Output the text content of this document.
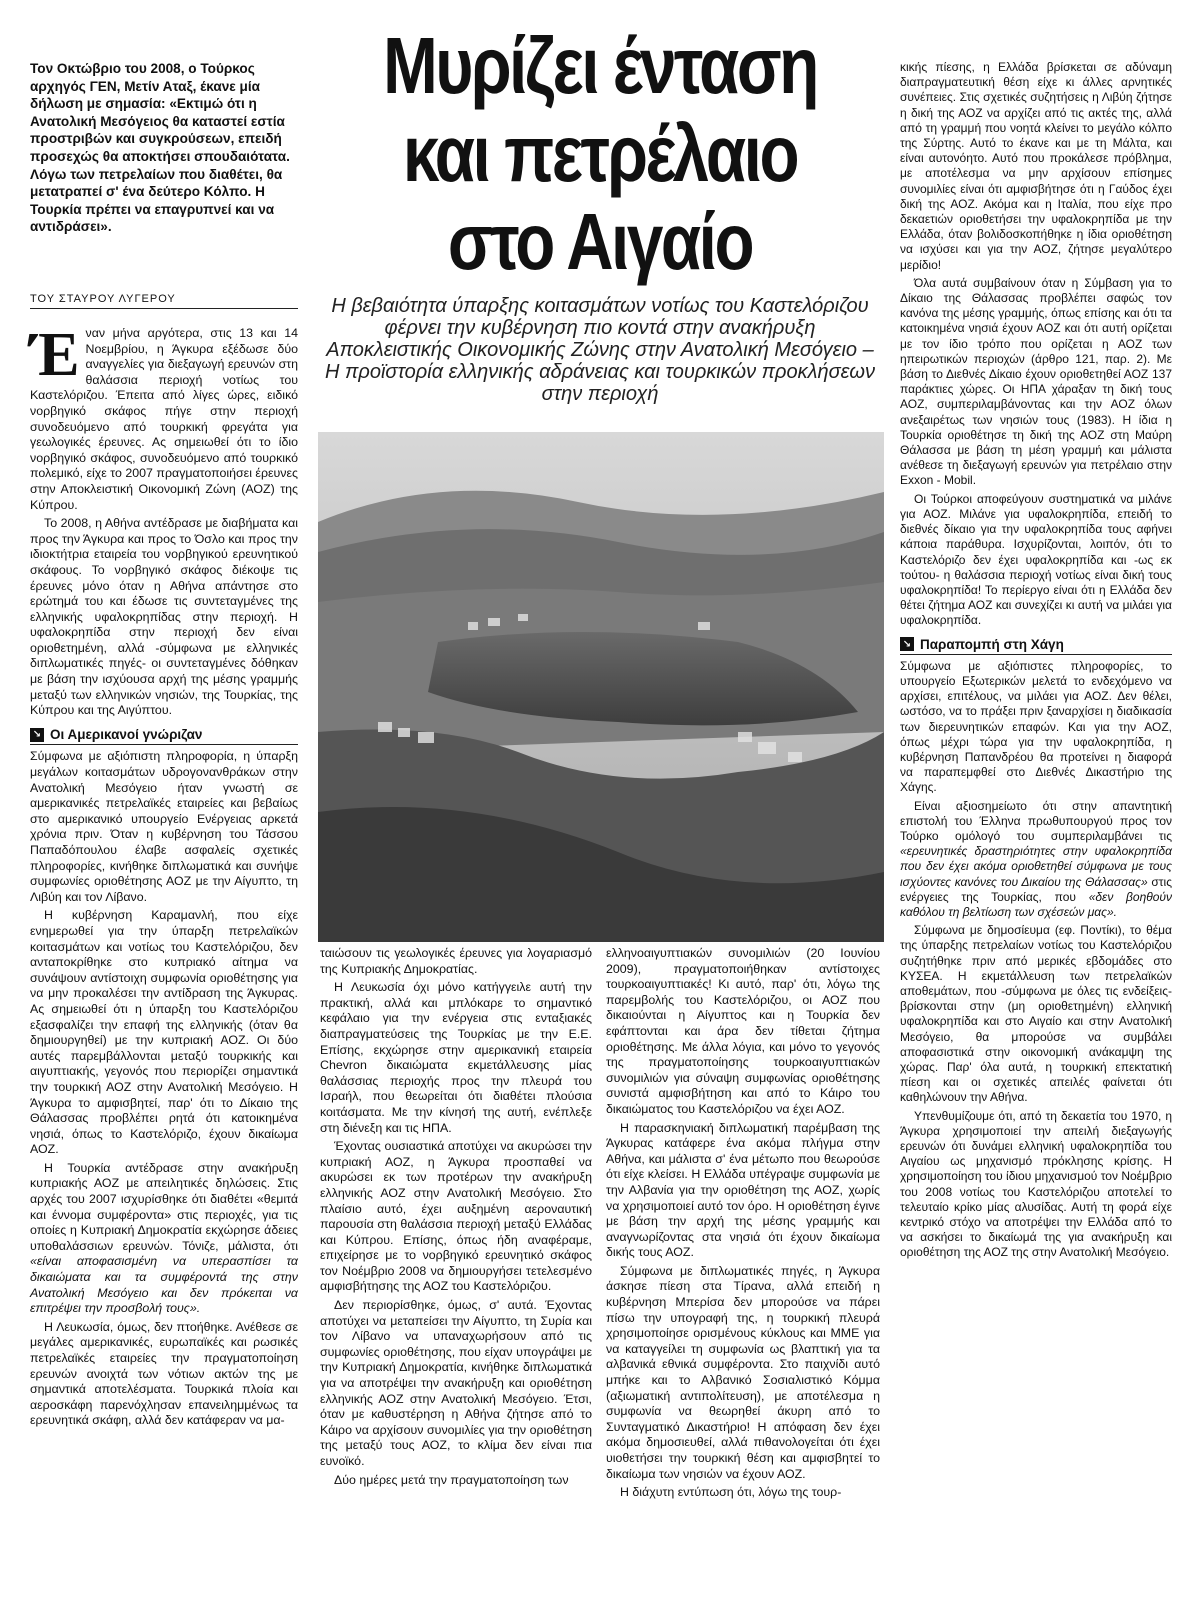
Τον Οκτώβριο του 2008, ο Τούρκος αρχηγός ΓΕΝ, Μετίν Αταξ, έκανε μία δήλωση με σημασία: «Εκτιμώ ότι η Ανατολική Μεσόγειος θα καταστεί εστία προστριβών και συγκρούσεων, επειδή προσεχώς θα αποκτήσει σπουδαιότατα. Λόγω των πετρελαίων που διαθέτει, θα μετατραπεί σ' ένα δεύτερο Κόλπο. Η Τουρκία πρέπει να επαγρυπνεί και να αντιδράσει».
ΤΟΥ ΣΤΑΥΡΟΥ ΛΥΓΕΡΟΥ
Μυρίζει ένταση
και πετρέλαιο
στο Αιγαίο
Η βεβαιότητα ύπαρξης κοιτασμάτων νοτίως του Καστελόριζου φέρνει την κυβέρνηση πιο κοντά στην ανακήρυξη Αποκλειστικής Οικονομικής Ζώνης στην Ανατολική Μεσόγειο – Η προϊστορία ελληνικής αδράνειας και τουρκικών προκλήσεων στην περιοχή

Έναν μήνα αργότερα, στις 13 και 14 Νοεμβρίου, η Άγκυρα εξέδωσε δύο αναγγελίες για διεξαγωγή ερευνών στη θαλάσσια περιοχή νοτίως του Καστελόριζου. Έπειτα από λίγες ώρες, ειδικό νορβηγικό σκάφος πήγε στην περιοχή συνοδευόμενο από τουρκική φρεγάτα για γεωλογικές έρευνες. Ας σημειωθεί ότι το ίδιο νορβηγικό σκάφος, συνοδευόμενο από τουρκικό πολεμικό, είχε το 2007 πραγματοποιήσει έρευνες στην Αποκλειστική Οικονομική Ζώνη (ΑΟΖ) της Κύπρου.

Το 2008, η Αθήνα αντέδρασε με διαβήματα και προς την Άγκυρα και προς το Όσλο και προς την ιδιοκτήτρια εταιρεία του νορβηγικού ερευνητικού σκάφους. Το νορβηγικό σκάφος διέκοψε τις έρευνες μόνο όταν η Αθήνα απάντησε στο ερώτημά του και έδωσε τις συντεταγμένες της ελληνικής υφαλοκρηπίδας στην περιοχή. Η υφαλοκρηπίδα στην περιοχή δεν είναι οριοθετημένη, αλλά -σύμφωνα με ελληνικές διπλωματικές πηγές- οι συντεταγμένες δόθηκαν με βάση την ισχύουσα αρχή της μέσης γραμμής μεταξύ των ελληνικών νησιών, της Τουρκίας, της Κύπρου και της Αιγύπτου.

↘ Οι Αμερικανοί γνώριζαν

Σύμφωνα με αξιόπιστη πληροφορία, η ύπαρξη μεγάλων κοιτασμάτων υδρογονανθράκων στην Ανατολική Μεσόγειο ήταν γνωστή σε αμερικανικές πετρελαϊκές εταιρείες και βεβαίως στο αμερικανικό υπουργείο Ενέργειας αρκετά χρόνια πριν. Όταν η κυβέρνηση του Τάσσου Παπαδόπουλου έλαβε ασφαλείς σχετικές πληροφορίες, κινήθηκε διπλωματικά και συνήψε συμφωνίες οριοθέτησης ΑΟΖ με την Αίγυπτο, τη Λιβύη και τον Λίβανο.

Η κυβέρνηση Καραμανλή, που είχε ενημερωθεί για την ύπαρξη πετρελαϊκών κοιτασμάτων και νοτίως του Καστελόριζου, δεν ανταποκρίθηκε στο κυπριακό αίτημα να συνάψουν αντίστοιχη συμφωνία οριοθέτησης για να μην προκαλέσει την αντίδραση της Άγκυρας. Ας σημειωθεί ότι η ύπαρξη του Καστελόριζου εξασφαλίζει την επαφή της ελληνικής (όταν θα δημιουργηθεί) με την κυπριακή ΑΟΖ. Οι δύο αυτές παρεμβάλλονται μεταξύ τουρκικής και αιγυπτιακής, γεγονός που περιορίζει σημαντικά την τουρκική ΑΟΖ στην Ανατολική Μεσόγειο. Η Άγκυρα το αμφισβητεί, παρ' ότι το Δίκαιο της Θάλασσας προβλέπει ρητά ότι κατοικημένα νησιά, όπως το Καστελόριζο, έχουν δικαίωμα ΑΟΖ.

Η Τουρκία αντέδρασε στην ανακήρυξη κυπριακής ΑΟΖ με απειλητικές δηλώσεις. Στις αρχές του 2007 ισχυρίσθηκε ότι διαθέτει «θεμιτά και έννομα συμφέροντα» στις περιοχές, για τις οποίες η Κυπριακή Δημοκρατία εκχώρησε άδειες υποθαλάσσιων ερευνών. Τόνιζε, μάλιστα, ότι «είναι αποφασισμένη να υπερασπίσει τα δικαιώματα και τα συμφέροντά της στην Ανατολική Μεσόγειο και δεν πρόκειται να επιτρέψει την προσβολή τους».

Η Λευκωσία, όμως, δεν πτοήθηκε. Ανέθεσε σε μεγάλες αμερικανικές, ευρωπαϊκές και ρωσικές πετρελαϊκές εταιρείες την πραγματοποίηση ερευνών ανοιχτά των νότιων ακτών της με σημαντικά αποτελέσματα. Τουρκικά πλοία και αεροσκάφη παρενόχλησαν επανειλημμένως τα ερευνητικά σκάφη, αλλά δεν κατάφεραν να μα-

ταιώσουν τις γεωλογικές έρευνες για λογαριασμό της Κυπριακής Δημοκρατίας.

Η Λευκωσία όχι μόνο κατήγγειλε αυτή την πρακτική, αλλά και μπλόκαρε το σημαντικό κεφάλαιο για την ενέργεια στις ενταξιακές διαπραγματεύσεις της Τουρκίας με την Ε.Ε. Επίσης, εκχώρησε στην αμερικανική εταιρεία Chevron δικαιώματα εκμετάλλευσης μίας θαλάσσιας περιοχής προς την πλευρά του Ισραήλ, που θεωρείται ότι διαθέτει πλούσια κοιτάσματα. Με την κίνησή της αυτή, ενέπλεξε στη διένεξη και τις ΗΠΑ.

Έχοντας ουσιαστικά αποτύχει να ακυρώσει την κυπριακή ΑΟΖ, η Άγκυρα προσπαθεί να ακυρώσει εκ των προτέρων την ανακήρυξη ελληνικής ΑΟΖ στην Ανατολική Μεσόγειο. Στο πλαίσιο αυτό, έχει αυξημένη αεροναυτική παρουσία στη θαλάσσια περιοχή μεταξύ Ελλάδας και Κύπρου. Επίσης, όπως ήδη αναφέραμε, επιχείρησε με το νορβηγικό ερευνητικό σκάφος τον Νοέμβριο 2008 να δημιουργήσει τετελεσμένο αμφισβήτησης της ΑΟΖ του Καστελόριζου.

Δεν περιορίσθηκε, όμως, σ' αυτά. Έχοντας αποτύχει να μεταπείσει την Αίγυπτο, τη Συρία και τον Λίβανο να υπαναχωρήσουν από τις συμφωνίες οριοθέτησης, που είχαν υπογράψει με την Κυπριακή Δημοκρατία, κινήθηκε διπλωματικά για να αποτρέψει την ανακήρυξη και οριοθέτηση ελληνικής ΑΟΖ στην Ανατολική Μεσόγειο. Έτσι, όταν με καθυστέρηση η Αθήνα ζήτησε από το Κάιρο να αρχίσουν συνομιλίες για την οριοθέτηση της μεταξύ τους ΑΟΖ, το κλίμα δεν είναι πια ευνοϊκό.

Δύο ημέρες μετά την πραγματοποίηση των

ελληνοαιγυπτιακών συνομιλιών (20 Ιουνίου 2009), πραγματοποιήθηκαν αντίστοιχες τουρκοαιγυπτιακές! Κι αυτό, παρ' ότι, λόγω της παρεμβολής του Καστελόριζου, οι ΑΟΖ που δικαιούνται η Αίγυπτος και η Τουρκία δεν εφάπτονται και άρα δεν τίθεται ζήτημα οριοθέτησης. Με άλλα λόγια, και μόνο το γεγονός της πραγματοποίησης τουρκοαιγυπτιακών συνομιλιών για σύναψη συμφωνίας οριοθέτησης συνιστά αμφισβήτηση και από το Κάιρο του δικαιώματος του Καστελόριζου να έχει ΑΟΖ.

Η παρασκηνιακή διπλωματική παρέμβαση της Άγκυρας κατάφερε ένα ακόμα πλήγμα στην Αθήνα, και μάλιστα σ' ένα μέτωπο που θεωρούσε ότι είχε κλείσει. Η Ελλάδα υπέγραψε συμφωνία με την Αλβανία για την οριοθέτηση της ΑΟΖ, χωρίς να χρησιμοποιεί αυτό τον όρο. Η οριοθέτηση έγινε με βάση την αρχή της μέσης γραμμής και αναγνωρίζοντας στα νησιά ότι έχουν δικαίωμα δικής τους ΑΟΖ.

Σύμφωνα με διπλωματικές πηγές, η Άγκυρα άσκησε πίεση στα Τίρανα, αλλά επειδή η κυβέρνηση Μπερίσα δεν μπορούσε να πάρει πίσω την υπογραφή της, η τουρκική πλευρά χρησιμοποίησε ορισμένους κύκλους και ΜΜΕ για να καταγγείλει τη συμφωνία ως βλαπτική για τα αλβανικά εθνικά συμφέροντα. Στο παιχνίδι αυτό μπήκε και το Αλβανικό Σοσιαλιστικό Κόμμα (αξιωματική αντιπολίτευση), με αποτέλεσμα η συμφωνία να θεωρηθεί άκυρη από το Συνταγματικό Δικαστήριο! Η απόφαση δεν έχει ακόμα δημοσιευθεί, αλλά πιθανολογείται ότι έχει υιοθετήσει την τουρκική θέση και αμφισβητεί το δικαίωμα των νησιών να έχουν ΑΟΖ.

Η διάχυτη εντύπωση ότι, λόγω της τουρ-

κικής πίεσης, η Ελλάδα βρίσκεται σε αδύναμη διαπραγματευτική θέση είχε κι άλλες αρνητικές συνέπειες. Στις σχετικές συζητήσεις η Λιβύη ζήτησε η δική της ΑΟΖ να αρχίζει από τις ακτές της, αλλά από τη γραμμή που νοητά κλείνει το μεγάλο κόλπο της Σύρτης. Αυτό το έκανε και με τη Μάλτα, και είναι αυτονόητο. Αυτό που προκάλεσε πρόβλημα, με αποτέλεσμα να μην αρχίσουν επίσημες συνομιλίες είναι ότι αμφισβήτησε ότι η Γαύδος έχει δική της ΑΟΖ. Ακόμα και η Ιταλία, που είχε προ δεκαετιών οριοθετήσει την υφαλοκρηπίδα με την Ελλάδα, όταν βολιδοσκοπήθηκε η ίδια οριοθέτηση να ισχύσει και για την ΑΟΖ, ζήτησε μεγαλύτερο μερίδιο!

Όλα αυτά συμβαίνουν όταν η Σύμβαση για το Δίκαιο της Θάλασσας προβλέπει σαφώς τον κανόνα της μέσης γραμμής, όπως επίσης και ότι τα κατοικημένα νησιά έχουν ΑΟΖ και ότι αυτή ορίζεται με τον ίδιο τρόπο που ορίζεται η ΑΟΖ των ηπειρωτικών περιοχών (άρθρο 121, παρ. 2). Με βάση το Διεθνές Δίκαιο έχουν οριοθετηθεί ΑΟΖ 137 παράκτιες χώρες. Οι ΗΠΑ χάραξαν τη δική τους ΑΟΖ, συμπεριλαμβάνοντας και την ΑΟΖ όλων ανεξαιρέτως των νησιών τους (1983). Η ίδια η Τουρκία οριοθέτησε τη δική της ΑΟΖ στη Μαύρη Θάλασσα με βάση τη μέση γραμμή και μάλιστα ανέθεσε τη διεξαγωγή ερευνών για πετρέλαιο στην Exxon - Mobil.

Οι Τούρκοι αποφεύγουν συστηματικά να μιλάνε για ΑΟΖ. Μιλάνε για υφαλοκρηπίδα, επειδή το διεθνές δίκαιο για την υφαλοκρηπίδα τους αφήνει κάποια παράθυρα. Ισχυρίζονται, λοιπόν, ότι το Καστελόριζο δεν έχει υφαλοκρηπίδα και -ως εκ τούτου- η θαλάσσια περιοχή νοτίως είναι δική τους υφαλοκρηπίδα! Το περίεργο είναι ότι η Ελλάδα δεν θέτει ζήτημα ΑΟΖ και συνεχίζει κι αυτή να μιλάει για υφαλοκρηπίδα.

↘ Παραπομπή στη Χάγη

Σύμφωνα με αξιόπιστες πληροφορίες, το υπουργείο Εξωτερικών μελετά το ενδεχόμενο να αρχίσει, επιτέλους, να μιλάει για ΑΟΖ. Δεν θέλει, ωστόσο, να το πράξει πριν ξαναρχίσει η διαδικασία των διερευνητικών επαφών. Και για την ΑΟΖ, όπως μέχρι τώρα για την υφαλοκρηπίδα, η κυβέρνηση Παπανδρέου θα προτείνει η διαφορά να παραπεμφθεί στο Διεθνές Δικαστήριο της Χάγης.

Είναι αξιοσημείωτο ότι στην απαντητική επιστολή του Έλληνα πρωθυπουργού προς τον Τούρκο ομόλογό του συμπεριλαμβάνει τις «ερευνητικές δραστηριότητες στην υφαλοκρηπίδα που δεν έχει ακόμα οριοθετηθεί σύμφωνα με τους ισχύοντες κανόνες του Δικαίου της Θάλασσας» στις ενέργειες της Τουρκίας, που «δεν βοηθούν καθόλου τη βελτίωση των σχέσεών μας».

Σύμφωνα με δημοσίευμα (εφ. Ποντίκι), το θέμα της ύπαρξης πετρελαίων νοτίως του Καστελόριζου συζητήθηκε πριν από μερικές εβδομάδες στο ΚΥΣΕΑ. Η εκμετάλλευση των πετρελαϊκών αποθεμάτων, που -σύμφωνα με όλες τις ενδείξεις- βρίσκονται στην (μη οριοθετημένη) ελληνική υφαλοκρηπίδα και στο Αιγαίο και στην Ανατολική Μεσόγειο, θα μπορούσε να συμβάλει αποφασιστικά στην οικονομική ανάκαμψη της χώρας. Παρ' όλα αυτά, η τουρκική επεκτατική πίεση και οι σχετικές απειλές φαίνεται ότι καθηλώνουν την Αθήνα.

Υπενθυμίζουμε ότι, από τη δεκαετία του 1970, η Άγκυρα χρησιμοποιεί την απειλή διεξαγωγής ερευνών ότι δυνάμει ελληνική υφαλοκρηπίδα του Αιγαίου ως μηχανισμό πρόκλησης κρίσης. Η χρησιμοποίηση του ίδιου μηχανισμού τον Νοέμβριο του 2008 νοτίως του Καστελόριζου αποτελεί το τελευταίο κρίκο μίας αλυσίδας. Αυτή τη φορά είχε κεντρικό στόχο να αποτρέψει την Ελλάδα από το να ασκήσει το δικαίωμά της για ανακήρυξη και οριοθέτηση της ΑΟΖ της στην Ανατολική Μεσόγειο.
